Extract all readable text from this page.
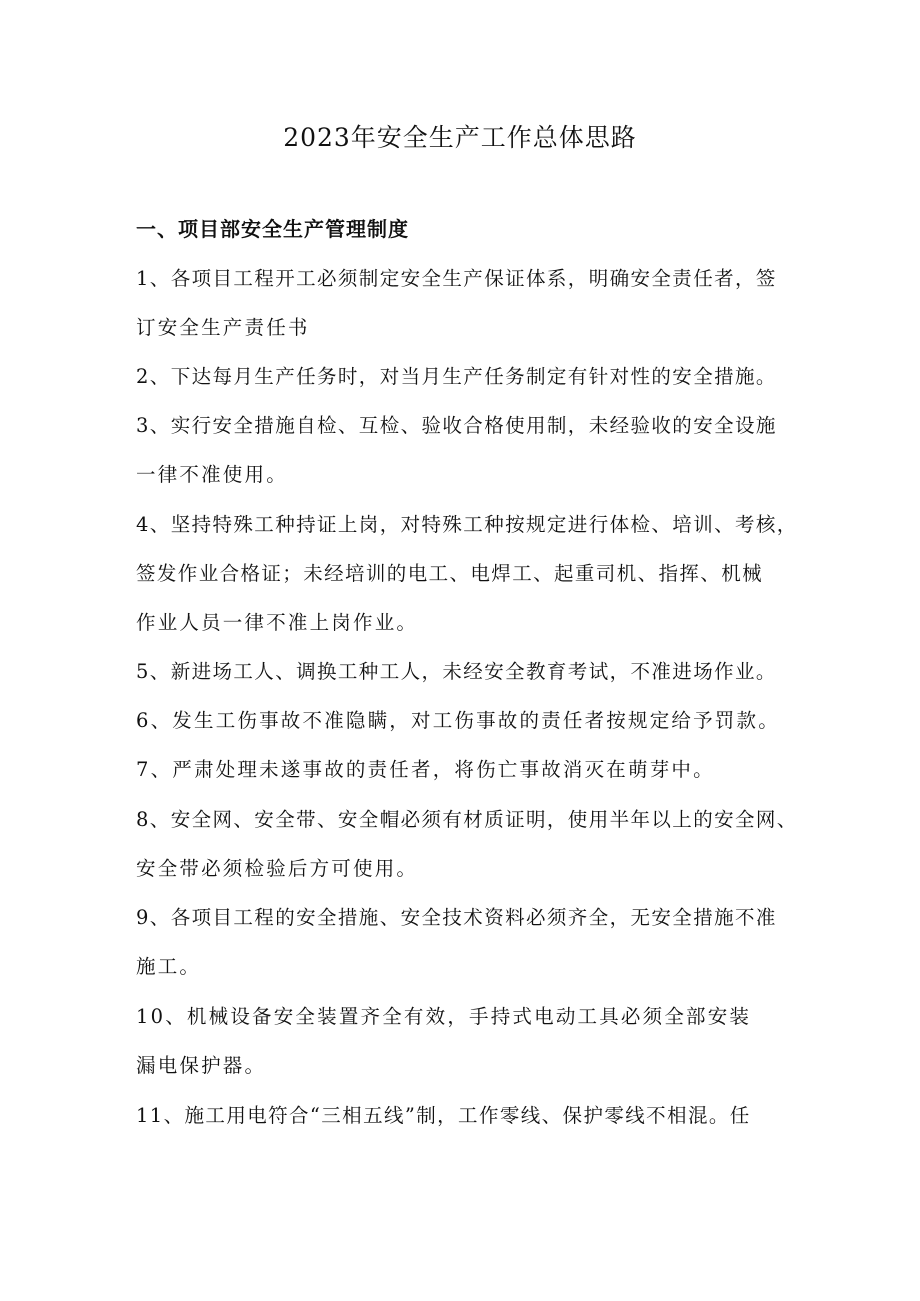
2023年安全生产工作总体思路
一、项目部安全生产管理制度
1、各项目工程开工必须制定安全生产保证体系，明确安全责任者，签
订安全生产责任书
2、下达每月生产任务时，对当月生产任务制定有针对性的安全措施。
3、实行安全措施自检、互检、验收合格使用制，未经验收的安全设施
一律不准使用。
4、坚持特殊工种持证上岗，对特殊工种按规定进行体检、培训、考核，
签发作业合格证；未经培训的电工、电焊工、起重司机、指挥、机械
作业人员一律不准上岗作业。
5、新进场工人、调换工种工人，未经安全教育考试，不准进场作业。
6、发生工伤事故不准隐瞒，对工伤事故的责任者按规定给予罚款。
7、严肃处理未遂事故的责任者，将伤亡事故消灭在萌芽中。
8、安全网、安全带、安全帽必须有材质证明，使用半年以上的安全网、
安全带必须检验后方可使用。
9、各项目工程的安全措施、安全技术资料必须齐全，无安全措施不准
施工。
10、机械设备安全装置齐全有效，手持式电动工具必须全部安装
漏电保护器。
11、施工用电符合“三相五线”制，工作零线、保护零线不相混。任
